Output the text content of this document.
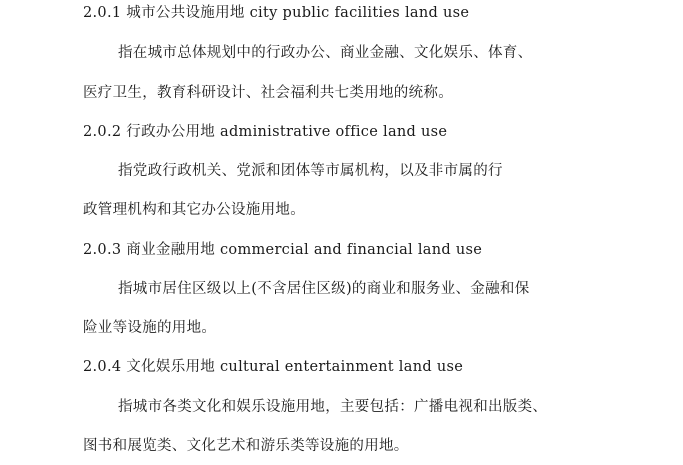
2.0.1 城市公共设施用地 city public facilities land use
指在城市总体规划中的行政办公、商业金融、文化娱乐、体育、
医疗卫生，教育科研设计、社会福利共七类用地的统称。
2.0.2 行政办公用地 administrative office land use
指党政行政机关、党派和团体等市属机构，以及非市属的行
政管理机构和其它办公设施用地。
2.0.3 商业金融用地 commercial and financial land use
指城市居住区级以上(不含居住区级)的商业和服务业、金融和保
险业等设施的用地。
2.0.4 文化娱乐用地 cultural entertainment land use
指城市各类文化和娱乐设施用地，主要包括：广播电视和出版类、
图书和展览类、文化艺术和游乐类等设施的用地。
